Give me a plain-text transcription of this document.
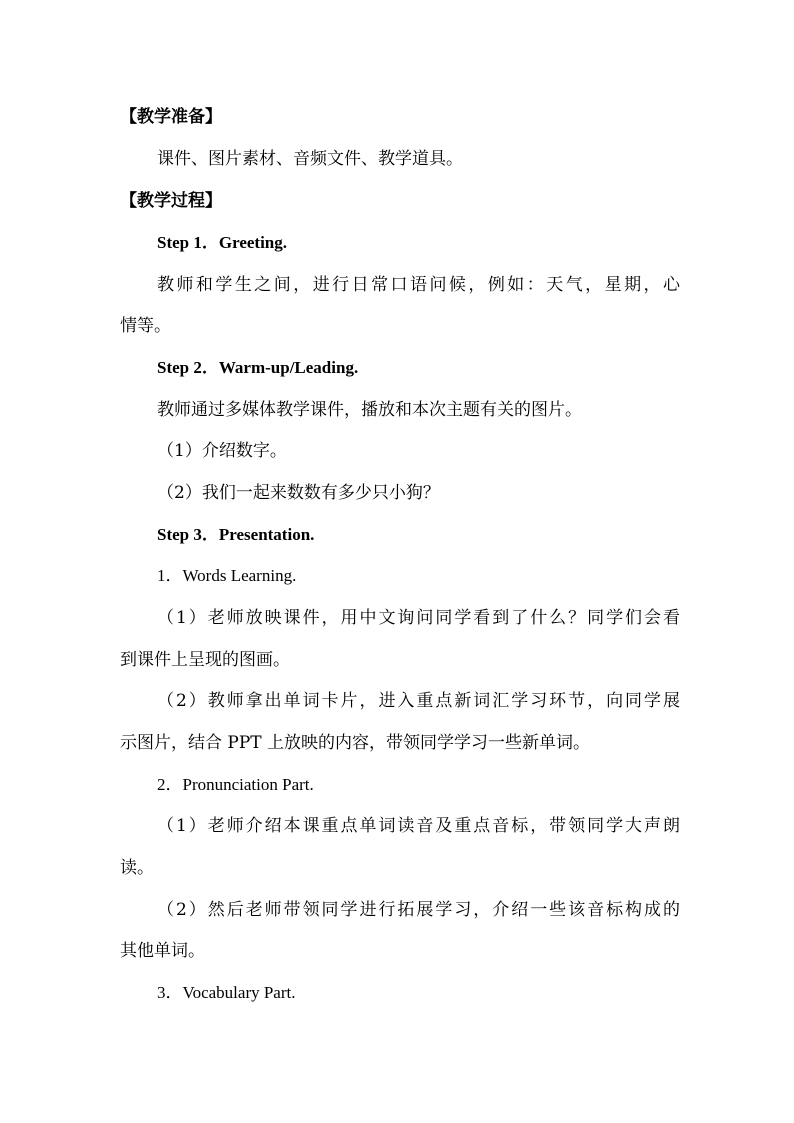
【教学准备】
课件、图片素材、音频文件、教学道具。
【教学过程】
Step 1．Greeting.
教师和学生之间，进行日常口语问候，例如：天气，星期，心
情等。
Step 2．Warm-up/Leading.
教师通过多媒体教学课件，播放和本次主题有关的图片。
（1）介绍数字。
（2）我们一起来数数有多少只小狗？
Step 3．Presentation.
1．Words Learning.
（1）老师放映课件，用中文询问同学看到了什么？同学们会看
到课件上呈现的图画。
（2）教师拿出单词卡片，进入重点新词汇学习环节，向同学展
示图片，结合 PPT 上放映的内容，带领同学学习一些新单词。
2．Pronunciation Part.
（1）老师介绍本课重点单词读音及重点音标，带领同学大声朗
读。
（2）然后老师带领同学进行拓展学习，介绍一些该音标构成的
其他单词。
3．Vocabulary Part.
